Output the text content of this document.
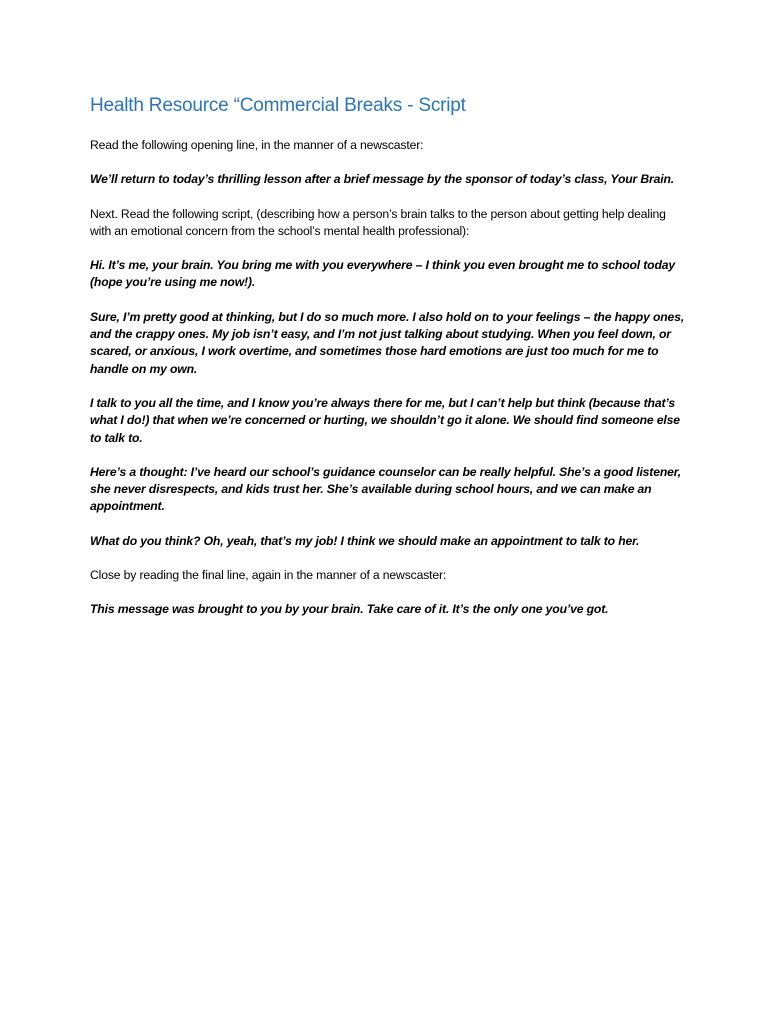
Health Resource “Commercial Breaks - Script

Read the following opening line, in the manner of a newscaster:

We’ll return to today’s thrilling lesson after a brief message by the sponsor of today’s class, Your Brain.

Next. Read the following script, (describing how a person’s brain talks to the person about getting help dealing with an emotional concern from the school’s mental health professional):

Hi. It’s me, your brain. You bring me with you everywhere – I think you even brought me to school today (hope you’re using me now!).

Sure, I’m pretty good at thinking, but I do so much more. I also hold on to your feelings – the happy ones, and the crappy ones. My job isn’t easy, and I’m not just talking about studying. When you feel down, or scared, or anxious, I work overtime, and sometimes those hard emotions are just too much for me to handle on my own.

I talk to you all the time, and I know you’re always there for me, but I can’t help but think (because that’s what I do!) that when we’re concerned or hurting, we shouldn’t go it alone. We should find someone else to talk to.

Here’s a thought: I’ve heard our school’s guidance counselor can be really helpful. She’s a good listener, she never disrespects, and kids trust her. She’s available during school hours, and we can make an appointment.

What do you think? Oh, yeah, that’s my job! I think we should make an appointment to talk to her.

Close by reading the final line, again in the manner of a newscaster:

This message was brought to you by your brain. Take care of it. It’s the only one you’ve got.
